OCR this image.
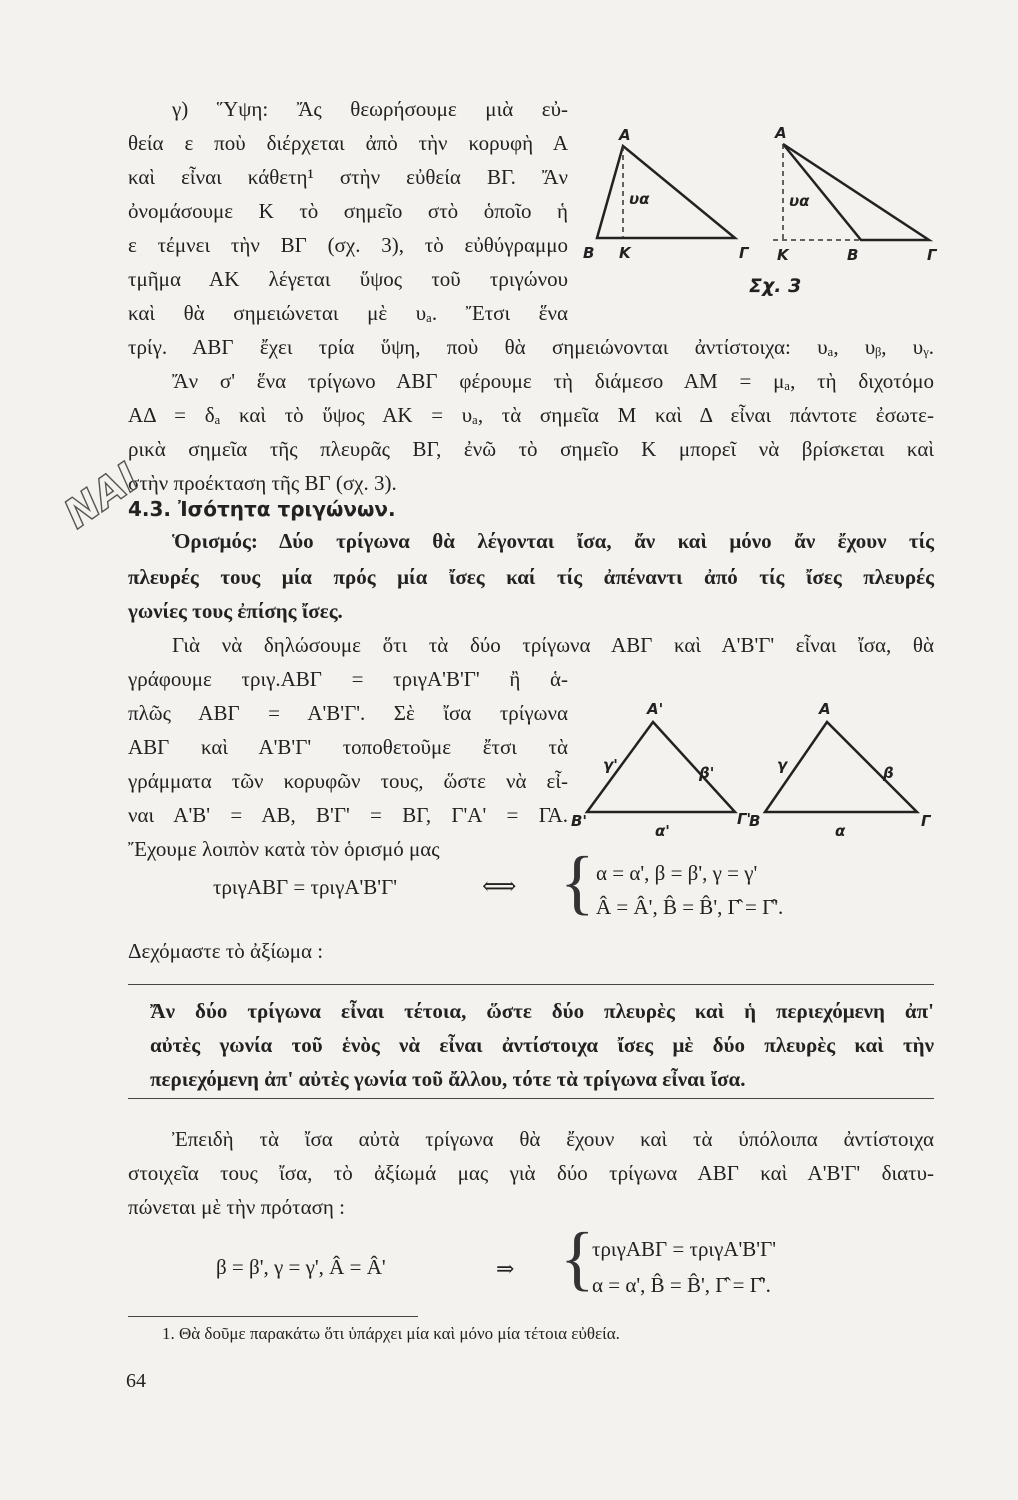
γ) Ὕψη: Ἄς θεωρήσουμε μιὰ εὐ-
θεία ε ποὺ διέρχεται ἀπὸ τὴν κορυφὴ Α
καὶ εἶναι κάθετη¹ στὴν εὐθεία ΒΓ. Ἄν
ὀνομάσουμε Κ τὸ σημεῖο στὸ ὁποῖο ἡ
ε τέμνει τὴν ΒΓ (σχ. 3), τὸ εὐθύγραμμο
τμῆμα ΑΚ λέγεται ὕψος τοῦ τριγώνου
καὶ θὰ σημειώνεται μὲ υₐ. Ἔτσι ἕνα
τρίγ. ΑΒΓ ἔχει τρία ὕψη, ποὺ θὰ σημειώνονται ἀντίστοιχα: υₐ, υᵦ, υᵧ.
Ἄν σ' ἕνα τρίγωνο ΑΒΓ φέρουμε τὴ διάμεσο ΑΜ = μₐ, τὴ διχοτόμο
ΑΔ = δₐ καὶ τὸ ὕψος ΑΚ = υₐ, τὰ σημεῖα Μ καὶ Δ εἶναι πάντοτε ἐσωτε-
ρικὰ σημεῖα τῆς πλευρᾶς ΒΓ, ἐνῶ τὸ σημεῖο Κ μπορεῖ νὰ βρίσκεται καὶ
στὴν προέκταση τῆς ΒΓ (σχ. 3).
A
B K	Γ
υα
A
K	B	Γ
υα
Σχ. 3
ΝΑΙ
4.3. Ἰσότητα τριγώνων.
Ὁρισμός: Δύο τρίγωνα θὰ λέγονται ἴσα, ἄν καὶ μόνο ἄν ἔχουν τίς
πλευρές τους μία πρός μία ἴσες καί τίς ἀπέναντι ἀπό τίς ἴσες πλευρές
γωνίες τους ἐπίσης ἴσες.
Γιὰ νὰ δηλώσουμε ὅτι τὰ δύο τρίγωνα ΑΒΓ καὶ Α'Β'Γ' εἶναι ἴσα, θὰ
γράφουμε τριγ.ΑΒΓ = τριγΑ'Β'Γ' ἢ ἁ-
πλῶς ΑΒΓ = Α'Β'Γ'. Σὲ ἴσα τρίγωνα
ΑΒΓ καὶ Α'Β'Γ' τοποθετοῦμε ἔτσι τὰ
γράμματα τῶν κορυφῶν τους, ὥστε νὰ εἶ-
ναι Α'Β' = ΑΒ, Β'Γ' = ΒΓ, Γ'Α' = ΓΑ.
Ἔχουμε λοιπὸν κατὰ τὸν ὁρισμό μας
A'
B'	Γ'
α'
β'
γ'
A
B	Γ
α
β
γ
τριγΑΒΓ = τριγΑ'Β'Γ'	⟺ { α = α', β = β', γ = γ'
Â = Â', B̂ = B̂', Γ̂ = Γ̂'.
Δεχόμαστε τὸ ἀξίωμα :
Ἄν δύο τρίγωνα εἶναι τέτοια, ὥστε δύο πλευρὲς καὶ ἡ περιεχόμενη ἀπ'
αὐτὲς γωνία τοῦ ἑνὸς νὰ εἶναι ἀντίστοιχα ἴσες μὲ δύο πλευρὲς καὶ τὴν
περιεχόμενη ἀπ' αὐτὲς γωνία τοῦ ἄλλου, τότε τὰ τρίγωνα εἶναι ἴσα.
Ἐπειδὴ τὰ ἴσα αὐτὰ τρίγωνα θὰ ἔχουν καὶ τὰ ὑπόλοιπα ἀντίστοιχα
στοιχεῖα τους ἴσα, τὸ ἀξίωμά μας γιὰ δύο τρίγωνα ΑΒΓ καὶ Α'Β'Γ' διατυ-
πώνεται μὲ τὴν πρόταση :
β = β', γ = γ', Â = Â'	⇒ {
τριγΑΒΓ = τριγΑ'Β'Γ'
α = α', B̂ = B̂', Γ̂ = Γ̂'.
1. Θὰ δοῦμε παρακάτω ὅτι ὑπάρχει μία καὶ μόνο μία τέτοια εὐθεία.
64
